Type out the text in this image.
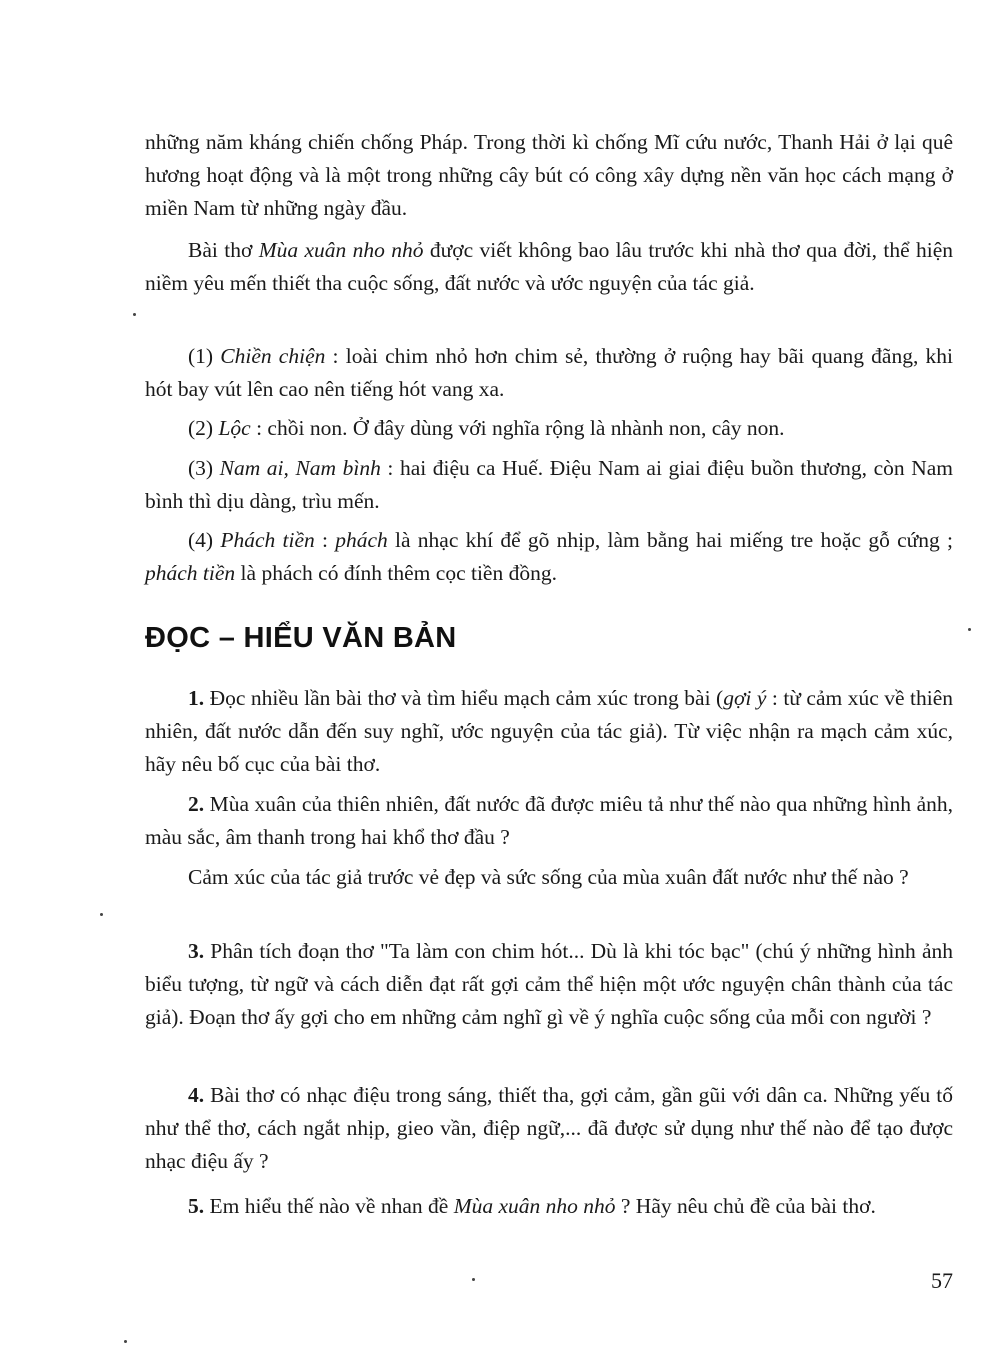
những năm kháng chiến chống Pháp. Trong thời kì chống Mĩ cứu nước, Thanh Hải ở lại quê hương hoạt động và là một trong những cây bút có công xây dựng nền văn học cách mạng ở miền Nam từ những ngày đầu.

Bài thơ Mùa xuân nho nhỏ được viết không bao lâu trước khi nhà thơ qua đời, thể hiện niềm yêu mến thiết tha cuộc sống, đất nước và ước nguyện của tác giả.

(1) Chiền chiện : loài chim nhỏ hơn chim sẻ, thường ở ruộng hay bãi quang đãng, khi hót bay vút lên cao nên tiếng hót vang xa.

(2) Lộc : chồi non. Ở đây dùng với nghĩa rộng là nhành non, cây non.

(3) Nam ai, Nam bình : hai điệu ca Huế. Điệu Nam ai giai điệu buồn thương, còn Nam bình thì dịu dàng, trìu mến.

(4) Phách tiền : phách là nhạc khí để gõ nhịp, làm bằng hai miếng tre hoặc gỗ cứng ; phách tiền là phách có đính thêm cọc tiền đồng.

ĐỌC – HIỂU VĂN BẢN

1. Đọc nhiều lần bài thơ và tìm hiểu mạch cảm xúc trong bài (gợi ý : từ cảm xúc về thiên nhiên, đất nước dẫn đến suy nghĩ, ước nguyện của tác giả). Từ việc nhận ra mạch cảm xúc, hãy nêu bố cục của bài thơ.

2. Mùa xuân của thiên nhiên, đất nước đã được miêu tả như thế nào qua những hình ảnh, màu sắc, âm thanh trong hai khổ thơ đầu ?

Cảm xúc của tác giả trước vẻ đẹp và sức sống của mùa xuân đất nước như thế nào ?

3. Phân tích đoạn thơ "Ta làm con chim hót... Dù là khi tóc bạc" (chú ý những hình ảnh biểu tượng, từ ngữ và cách diễn đạt rất gợi cảm thể hiện một ước nguyện chân thành của tác giả). Đoạn thơ ấy gợi cho em những cảm nghĩ gì về ý nghĩa cuộc sống của mỗi con người ?

4. Bài thơ có nhạc điệu trong sáng, thiết tha, gợi cảm, gần gũi với dân ca. Những yếu tố như thể thơ, cách ngắt nhịp, gieo vần, điệp ngữ,... đã được sử dụng như thế nào để tạo được nhạc điệu ấy ?

5. Em hiểu thế nào về nhan đề Mùa xuân nho nhỏ ? Hãy nêu chủ đề của bài thơ.

57
